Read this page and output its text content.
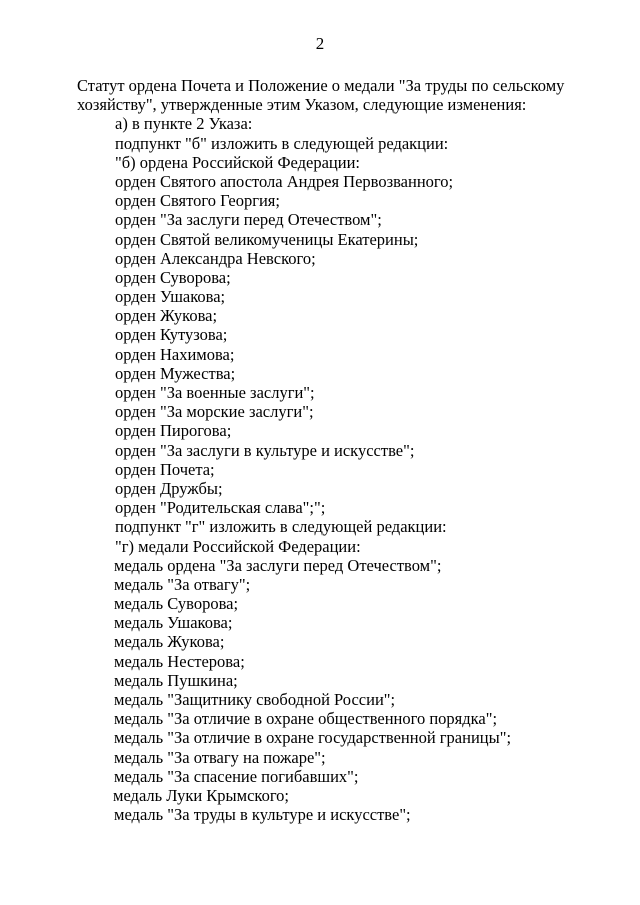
2
Статут ордена Почета и Положение о медали "За труды по сельскому
хозяйству", утвержденные этим Указом, следующие изменения:
а) в пункте 2 Указа:
подпункт "б" изложить в следующей редакции:
"б) ордена Российской Федерации:
орден Святого апостола Андрея Первозванного;
орден Святого Георгия;
орден "За заслуги перед Отечеством";
орден Святой великомученицы Екатерины;
орден Александра Невского;
орден Суворова;
орден Ушакова;
орден Жукова;
орден Кутузова;
орден Нахимова;
орден Мужества;
орден "За военные заслуги";
орден "За морские заслуги";
орден Пирогова;
орден "За заслуги в культуре и искусстве";
орден Почета;
орден Дружбы;
орден "Родительская слава";";
подпункт "г" изложить в следующей редакции:
"г) медали Российской Федерации:
медаль ордена "За заслуги перед Отечеством";
медаль "За отвагу";
медаль Суворова;
медаль Ушакова;
медаль Жукова;
медаль Нестерова;
медаль Пушкина;
медаль "Защитнику свободной России";
медаль "За отличие в охране общественного порядка";
медаль "За отличие в охране государственной границы";
медаль "За отвагу на пожаре";
медаль "За спасение погибавших";
медаль Луки Крымского;
медаль "За труды в культуре и искусстве";
